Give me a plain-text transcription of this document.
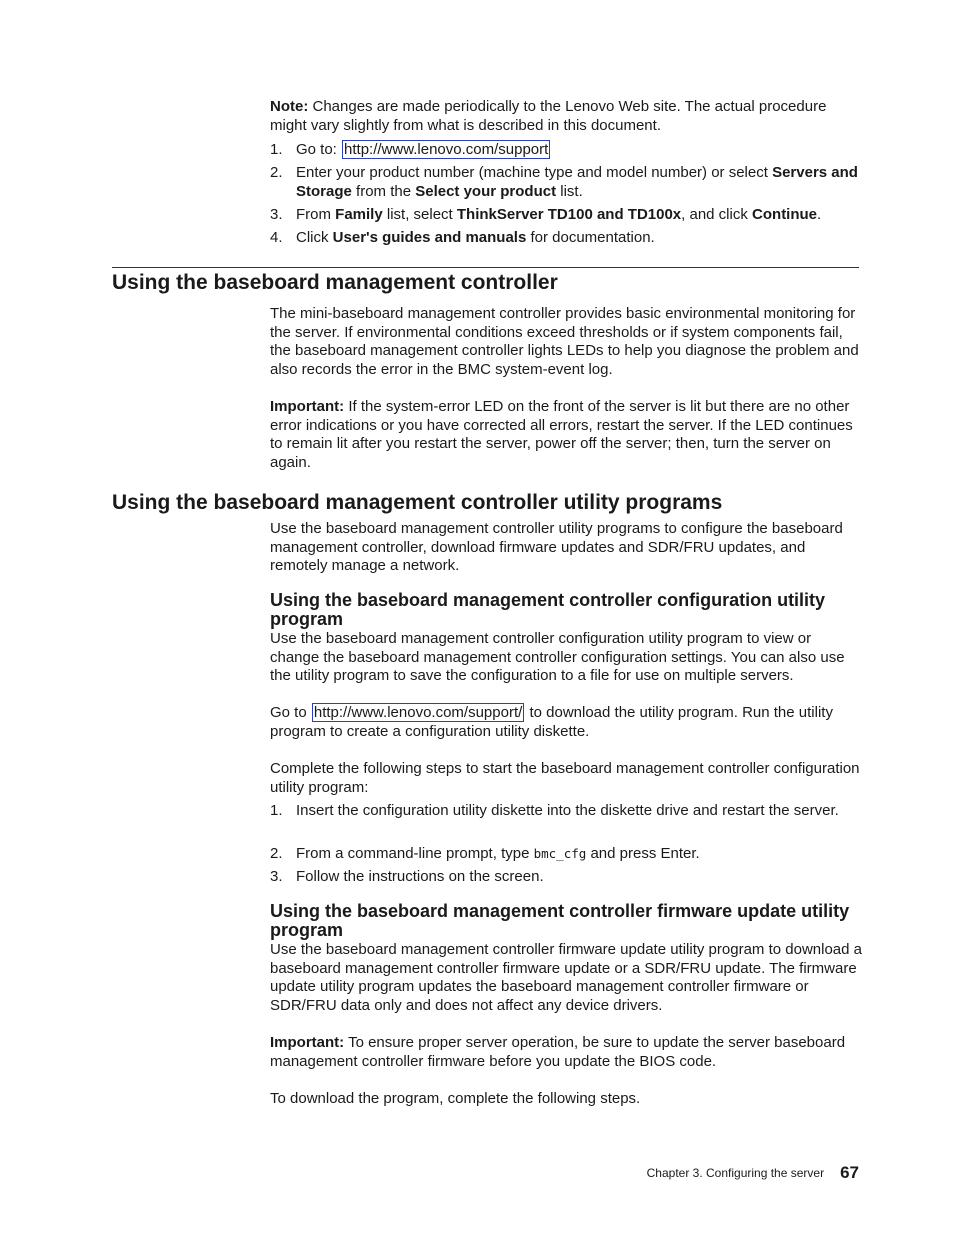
Note: Changes are made periodically to the Lenovo Web site. The actual procedure might vary slightly from what is described in this document.
1. Go to: http://www.lenovo.com/support
2. Enter your product number (machine type and model number) or select Servers and Storage from the Select your product list.
3. From Family list, select ThinkServer TD100 and TD100x, and click Continue.
4. Click User's guides and manuals for documentation.
Using the baseboard management controller
The mini-baseboard management controller provides basic environmental monitoring for the server. If environmental conditions exceed thresholds or if system components fail, the baseboard management controller lights LEDs to help you diagnose the problem and also records the error in the BMC system-event log.
Important: If the system-error LED on the front of the server is lit but there are no other error indications or you have corrected all errors, restart the server. If the LED continues to remain lit after you restart the server, power off the server; then, turn the server on again.
Using the baseboard management controller utility programs
Use the baseboard management controller utility programs to configure the baseboard management controller, download firmware updates and SDR/FRU updates, and remotely manage a network.
Using the baseboard management controller configuration utility program
Use the baseboard management controller configuration utility program to view or change the baseboard management controller configuration settings. You can also use the utility program to save the configuration to a file for use on multiple servers.
Go to http://www.lenovo.com/support/ to download the utility program. Run the utility program to create a configuration utility diskette.
Complete the following steps to start the baseboard management controller configuration utility program:
1. Insert the configuration utility diskette into the diskette drive and restart the server.
2. From a command-line prompt, type bmc_cfg and press Enter.
3. Follow the instructions on the screen.
Using the baseboard management controller firmware update utility program
Use the baseboard management controller firmware update utility program to download a baseboard management controller firmware update or a SDR/FRU update. The firmware update utility program updates the baseboard management controller firmware or SDR/FRU data only and does not affect any device drivers.
Important: To ensure proper server operation, be sure to update the server baseboard management controller firmware before you update the BIOS code.
To download the program, complete the following steps.
Chapter 3. Configuring the server 67
